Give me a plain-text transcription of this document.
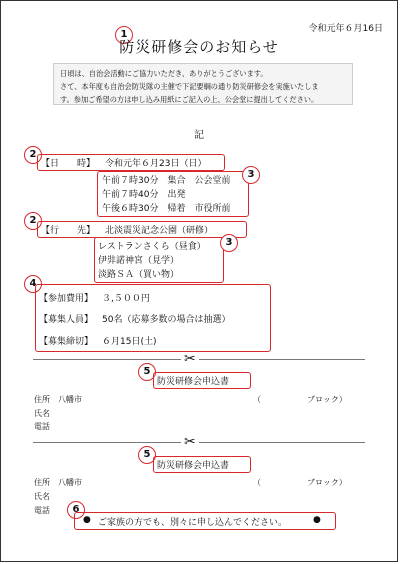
令和元年６月16日
1
防災研修会のお知らせ
日頃は、自治会活動にご協力いただき、ありがとうございます。
さて、本年度も自治会防災隊の主催で下記要綱の通り防災研修会を実施いたしま
す。参加ご希望の方は申し込み用紙にご記入の上、公会堂に提出してください。
記
2
【日　　時】 令和元年６月23日（日）
3
午前７時30分　集合　公会堂前
午前７時40分　出発
午後６時30分　帰着　市役所前
2
【行　　先】 北淡震災記念公園（研修）
3
レストランさくら（昼食）
伊弉諾神宮（見学）
淡路ＳＡ（買い物）
4
【参加費用】 ３,５００円
【募集人員】 50名（応募多数の場合は抽選）
【募集締切】 ６月15日(土)
✂
5
防災研修会申込書
住所 八幡市	（	ブロック）
氏名
電話
✂
5
防災研修会申込書
住所 八幡市	（	ブロック）
氏名
電話	6
● ご家族の方でも、別々に申し込んでください。	●
